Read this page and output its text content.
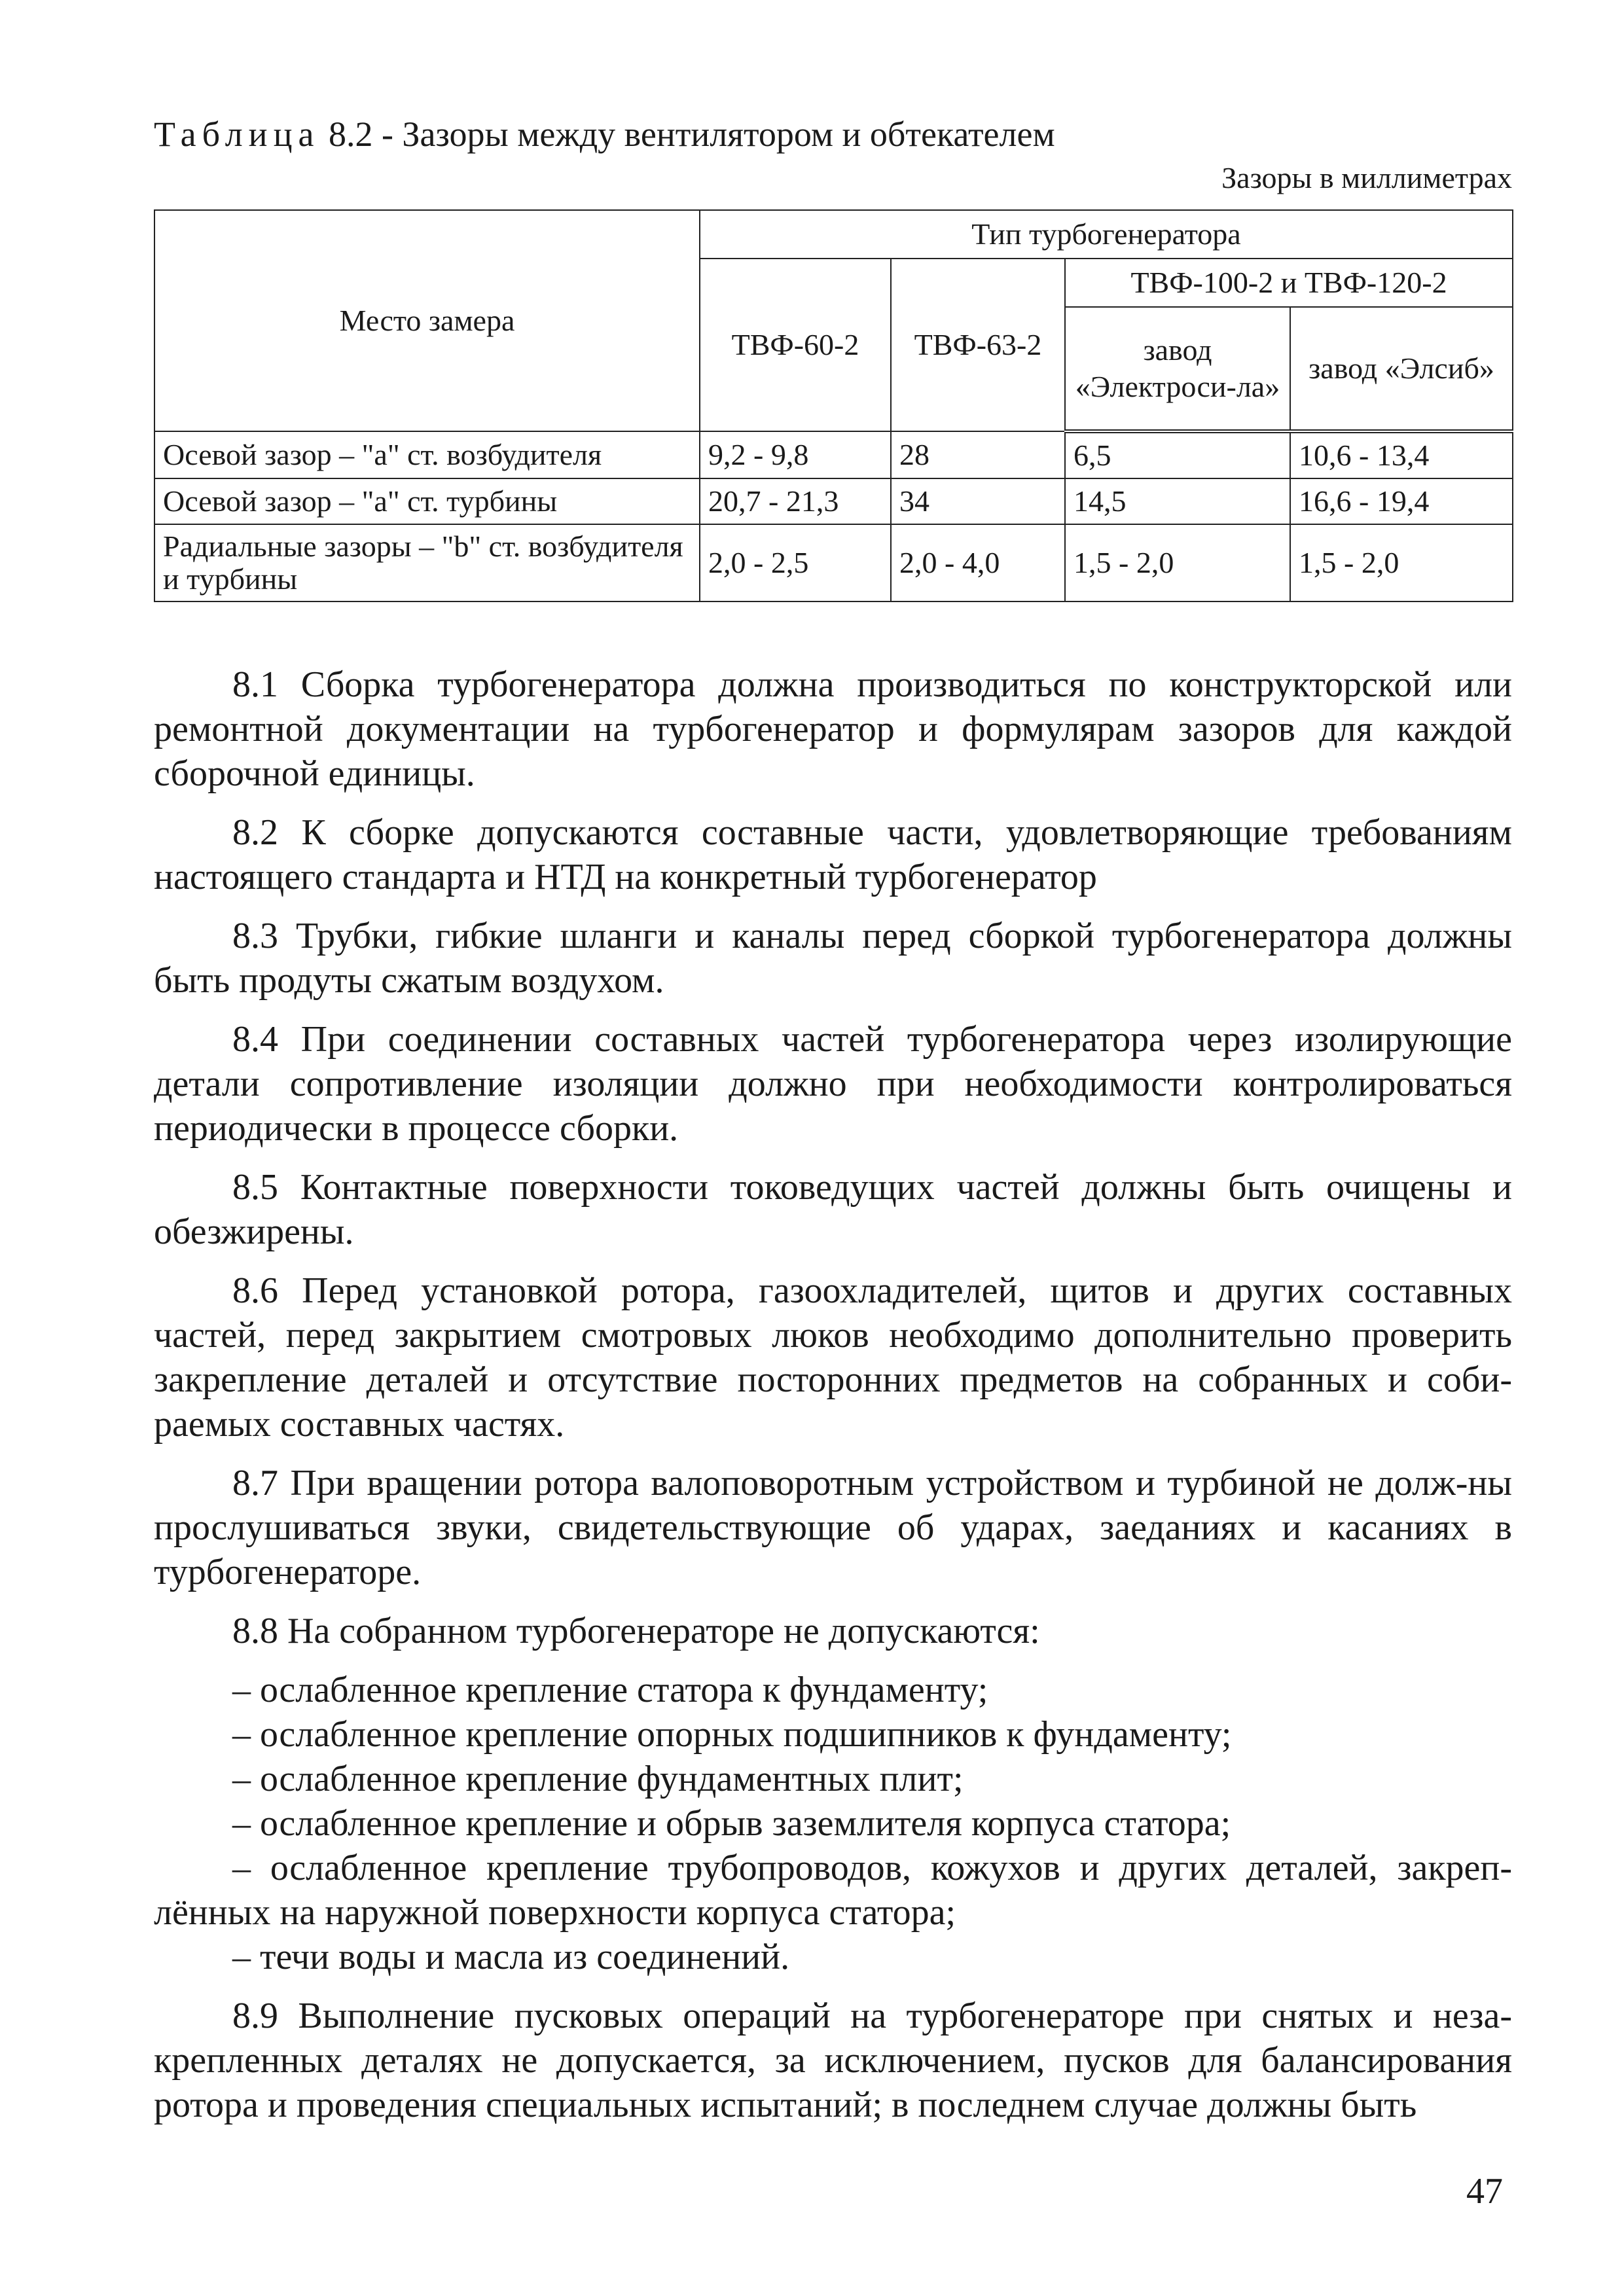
Таблица 8.2 - Зазоры между вентилятором и обтекателем

Зазоры в миллиметрах
Место замера	Тип турбогенератора			
	ТВФ-60-2	ТВФ-63-2	ТВФ-100-2 и ТВФ-120-2	
			завод «Электроси-ла»	завод «Элсиб»
Осевой зазор – "а" ст. возбудителя	9,2 - 9,8	28	6,5	10,6 - 13,4
Осевой зазор – "а" ст. турбины	20,7 - 21,3	34	14,5	16,6 - 19,4
Радиальные зазоры – "b" ст. возбудителя и турбины	2,0 - 2,5	2,0 - 4,0	1,5 - 2,0	1,5 - 2,0

8.1 Сборка турбогенератора должна производиться по конструкторской или ремонтной документации на турбогенератор и формулярам зазоров для каждой сборочной единицы.

8.2 К сборке допускаются составные части, удовлетворяющие требованиям настоящего стандарта и НТД на конкретный турбогенератор

8.3 Трубки, гибкие шланги и каналы перед сборкой турбогенератора должны быть продуты сжатым воздухом.

8.4 При соединении составных частей турбогенератора через изолирующие детали сопротивление изоляции должно при необходимости контролироваться периодически в процессе сборки.

8.5 Контактные поверхности токоведущих частей должны быть очищены и обезжирены.

8.6 Перед установкой ротора, газоохладителей, щитов и других составных частей, перед закрытием смотровых люков необходимо дополнительно проверить закрепление деталей и отсутствие посторонних предметов на собранных и соби-раемых составных частях.

8.7 При вращении ротора валоповоротным устройством и турбиной не долж-ны прослушиваться звуки, свидетельствующие об ударах, заеданиях и касаниях в турбогенераторе.

8.8 На собранном турбогенераторе не допускаются:

– ослабленное крепление статора к фундаменту;

– ослабленное крепление опорных подшипников к фундаменту;

– ослабленное крепление фундаментных плит;

– ослабленное крепление и обрыв заземлителя корпуса статора;

– ослабленное крепление трубопроводов, кожухов и других деталей, закреп-лённых на наружной поверхности корпуса статора;

– течи воды и масла из соединений.

8.9 Выполнение пусковых операций на турбогенераторе при снятых и неза-крепленных деталях не допускается, за исключением, пусков для балансирования ротора и проведения специальных испытаний; в последнем случае должны быть

47
